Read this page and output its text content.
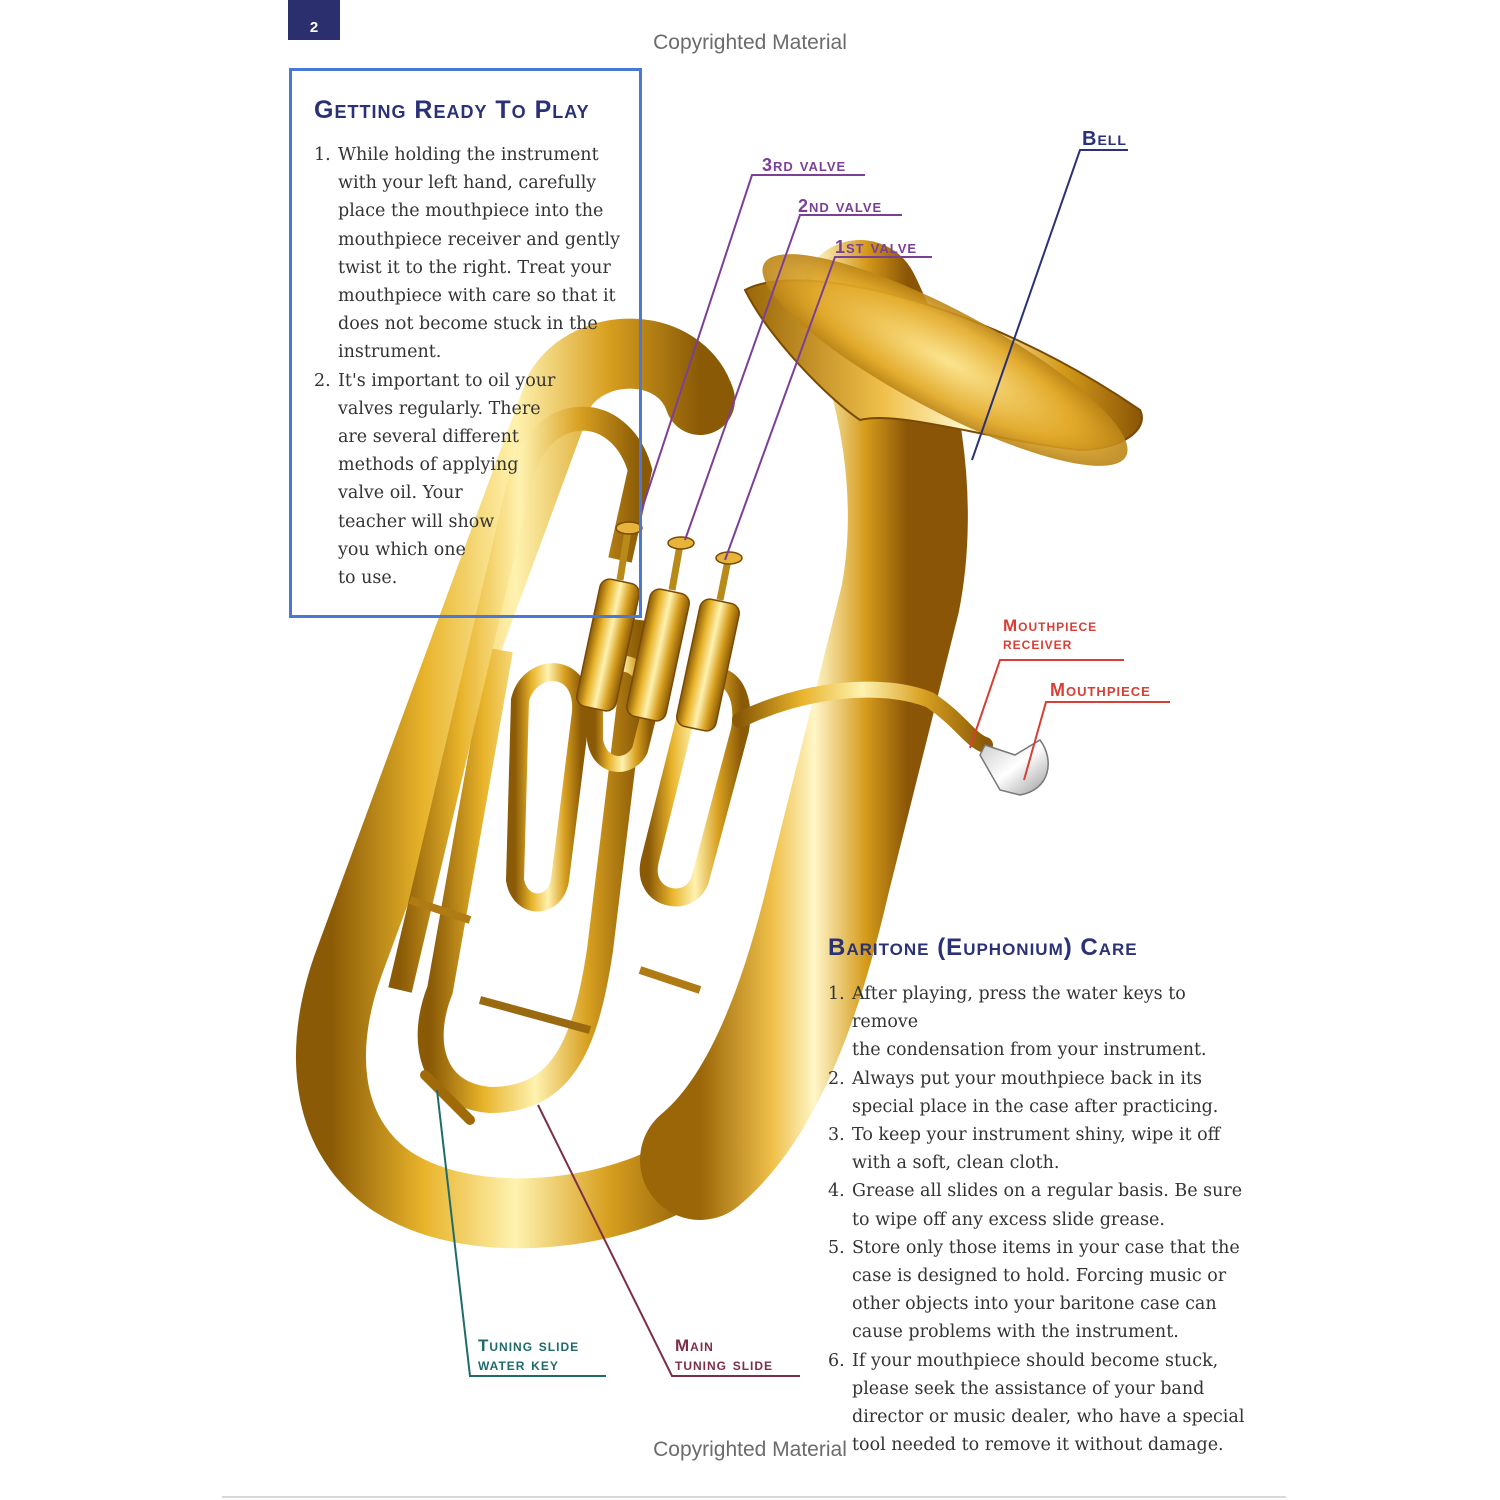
2
Copyrighted Material
Copyrighted Material
Getting Ready To Play
1. While holding the instrument
with your left hand, carefully
place the mouthpiece into the
mouthpiece receiver and gently
twist it to the right. Treat your
mouthpiece with care so that it
does not become stuck in the
instrument.
2. It's important to oil your
valves regularly. There
are several different
methods of applying
valve oil. Your
teacher will show
you which one
to use.
3rd valve
2nd valve
1st valve
Bell
Mouthpiece
receiver
Mouthpiece
Tuning slide
water key
Main
tuning slide
Baritone (Euphonium) Care
1. After playing, press the water keys to remove
the condensation from your instrument.
2. Always put your mouthpiece back in its
special place in the case after practicing.
3. To keep your instrument shiny, wipe it off
with a soft, clean cloth.
4. Grease all slides on a regular basis. Be sure
to wipe off any excess slide grease.
5. Store only those items in your case that the
case is designed to hold. Forcing music or
other objects into your baritone case can
cause problems with the instrument.
6. If your mouthpiece should become stuck,
please seek the assistance of your band
director or music dealer, who have a special
tool needed to remove it without damage.
